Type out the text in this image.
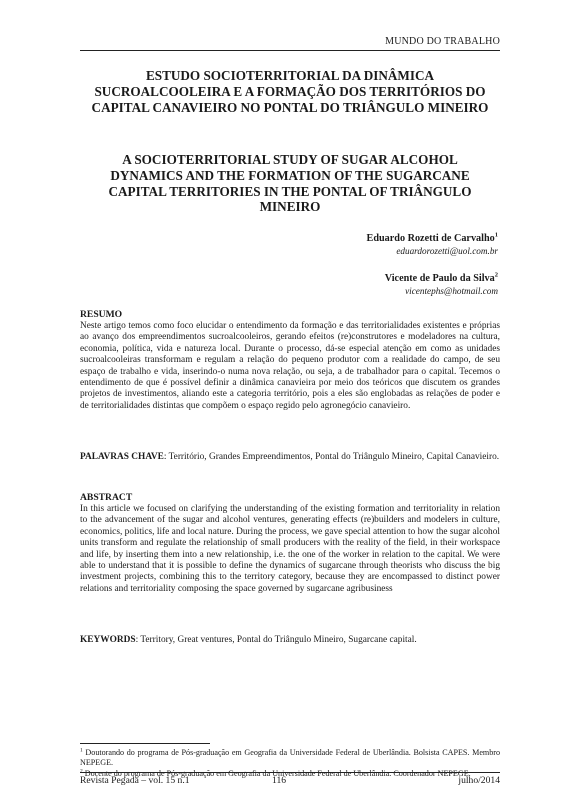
MUNDO DO TRABALHO
ESTUDO SOCIOTERRITORIAL DA DINÂMICA SUCROALCOOLEIRA E A FORMAÇÃO DOS TERRITÓRIOS DO CAPITAL CANAVIEIRO NO PONTAL DO TRIÂNGULO MINEIRO
A SOCIOTERRITORIAL STUDY OF SUGAR ALCOHOL DYNAMICS AND THE FORMATION OF THE SUGARCANE CAPITAL TERRITORIES IN THE PONTAL OF TRIÂNGULO MINEIRO
Eduardo Rozetti de Carvalho$^1$
eduardorozetti@uol.com.br
Vicente de Paulo da Silva$^2$
vicentephs@hotmail.com
RESUMO

Neste artigo temos como foco elucidar o entendimento da formação e das territorialidades existentes e próprias ao avanço dos empreendimentos sucroalcooleiros, gerando efeitos (re)construtores e modeladores na cultura, economia, política, vida e natureza local. Durante o processo, dá-se especial atenção em como as unidades sucroalcooleiras transformam e regulam a relação do pequeno produtor com a realidade do campo, de seu espaço de trabalho e vida, inserindo-o numa nova relação, ou seja, a de trabalhador para o capital. Tecemos o entendimento de que é possível definir a dinâmica canavieira por meio dos teóricos que discutem os grandes projetos de investimentos, aliando este a categoria território, pois a eles são englobadas as relações de poder e de territorialidades distintas que compõem o espaço regido pelo agronegócio canavieiro.

PALAVRAS CHAVE: Território, Grandes Empreendimentos, Pontal do Triângulo Mineiro, Capital Canavieiro.

ABSTRACT

In this article we focused on clarifying the understanding of the existing formation and territoriality in relation to the advancement of the sugar and alcohol ventures, generating effects (re)builders and modelers in culture, economics, politics, life and local nature. During the process, we gave special attention to how the sugar alcohol units transform and regulate the relationship of small producers with the reality of the field, in their workspace and life, by inserting them into a new relationship, i.e. the one of the worker in relation to the capital. We were able to understand that it is possible to define the dynamics of sugarcane through theorists who discuss the big investment projects, combining this to the territory category, because they are encompassed to distinct power relations and territoriality composing the space governed by sugarcane agribusiness

KEYWORDS: Territory, Great ventures, Pontal do Triângulo Mineiro, Sugarcane capital.

$^1$ Doutorando do programa de Pós-graduação em Geografia da Universidade Federal de Uberlândia. Bolsista CAPES. Membro NEPEGE.

$^2$ Docente do programa de Pós-graduação em Geografia da Universidade Federal de Uberlândia. Coordenador NEPEGE.

Revista Pegada – vol. 15 n.1	116	julho/2014
